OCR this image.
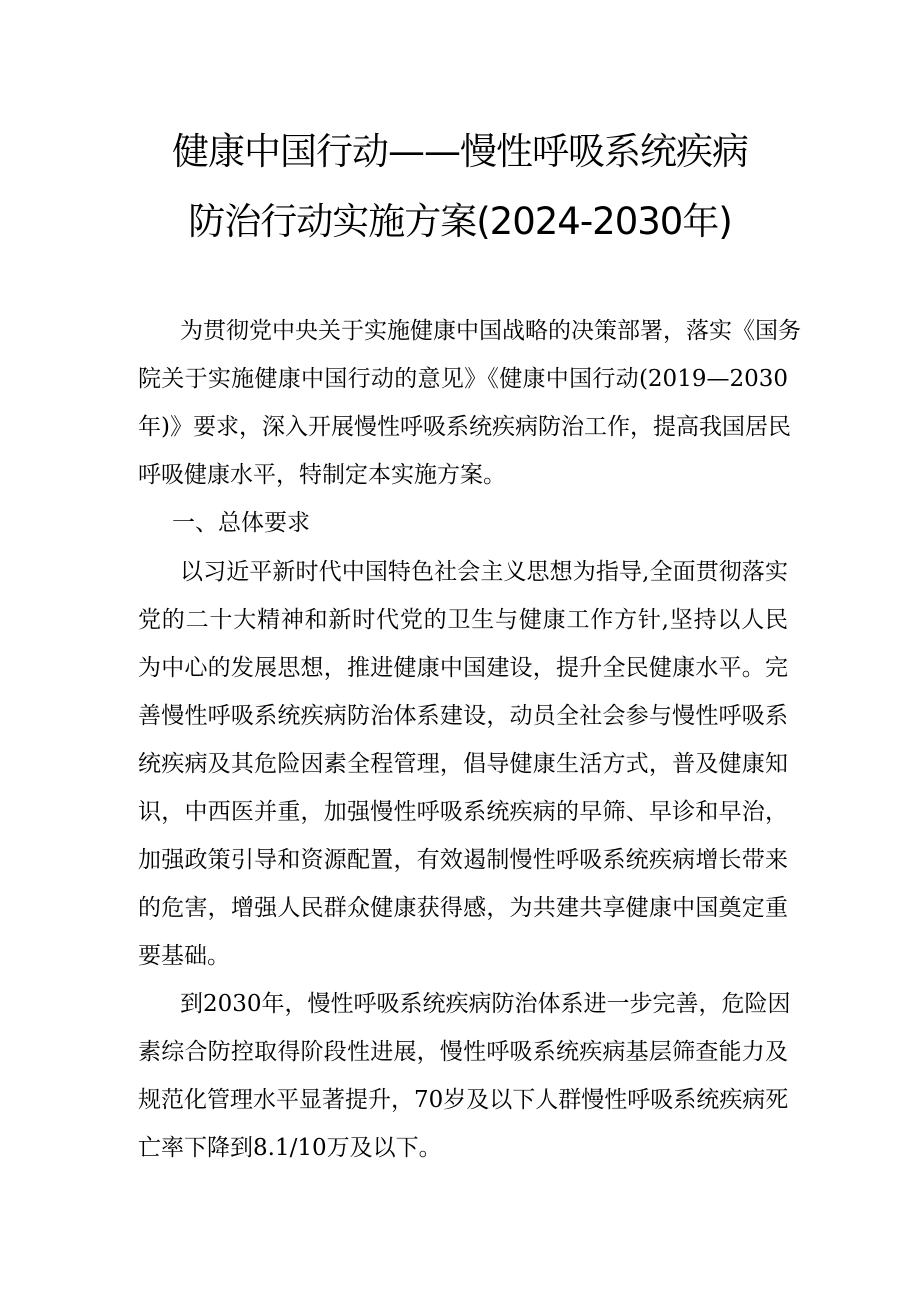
健康中国行动——慢性呼吸系统疾病
防治行动实施方案(2024-2030年)
为贯彻党中央关于实施健康中国战略的决策部署，落实《国务
院关于实施健康中国行动的意见》《健康中国行动(2019—2030
年)》要求，深入开展慢性呼吸系统疾病防治工作，提高我国居民
呼吸健康水平，特制定本实施方案。
一、总体要求
以习近平新时代中国特色社会主义思想为指导,全面贯彻落实
党的二十大精神和新时代党的卫生与健康工作方针,坚持以人民
为中心的发展思想，推进健康中国建设，提升全民健康水平。完
善慢性呼吸系统疾病防治体系建设，动员全社会参与慢性呼吸系
统疾病及其危险因素全程管理，倡导健康生活方式，普及健康知
识，中西医并重，加强慢性呼吸系统疾病的早筛、早诊和早治，
加强政策引导和资源配置，有效遏制慢性呼吸系统疾病增长带来
的危害，增强人民群众健康获得感，为共建共享健康中国奠定重
要基础。
到2030年，慢性呼吸系统疾病防治体系进一步完善，危险因
素综合防控取得阶段性进展，慢性呼吸系统疾病基层筛查能力及
规范化管理水平显著提升，70岁及以下人群慢性呼吸系统疾病死
亡率下降到8.1/10万及以下。
